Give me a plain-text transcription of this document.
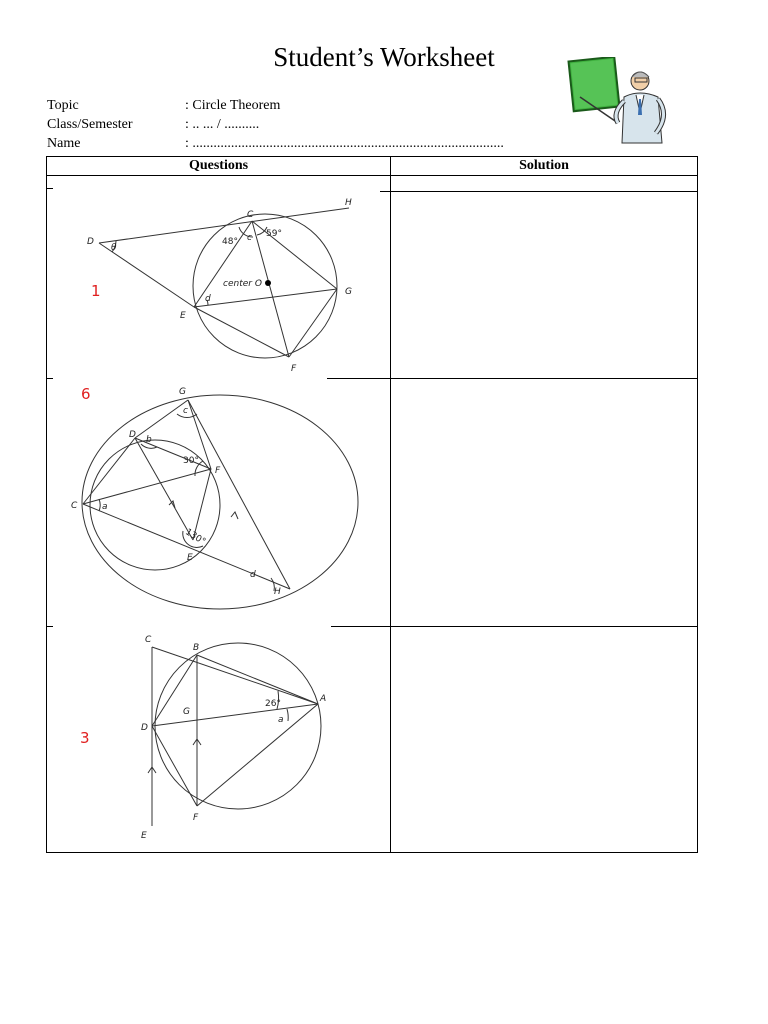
Student’s Worksheet
Topic	: Circle Theorem
Class/Semester	: .. ... / ..........
Name	: .........................................................................................
Questions	Solution
1
6
3
D
C
H
G
E
F
θ
48° c 59°
center O
d
G
D
F
C
E
H
c
b
30°
a
130°
d
C
B
A
G
D
F
E
26°
a
